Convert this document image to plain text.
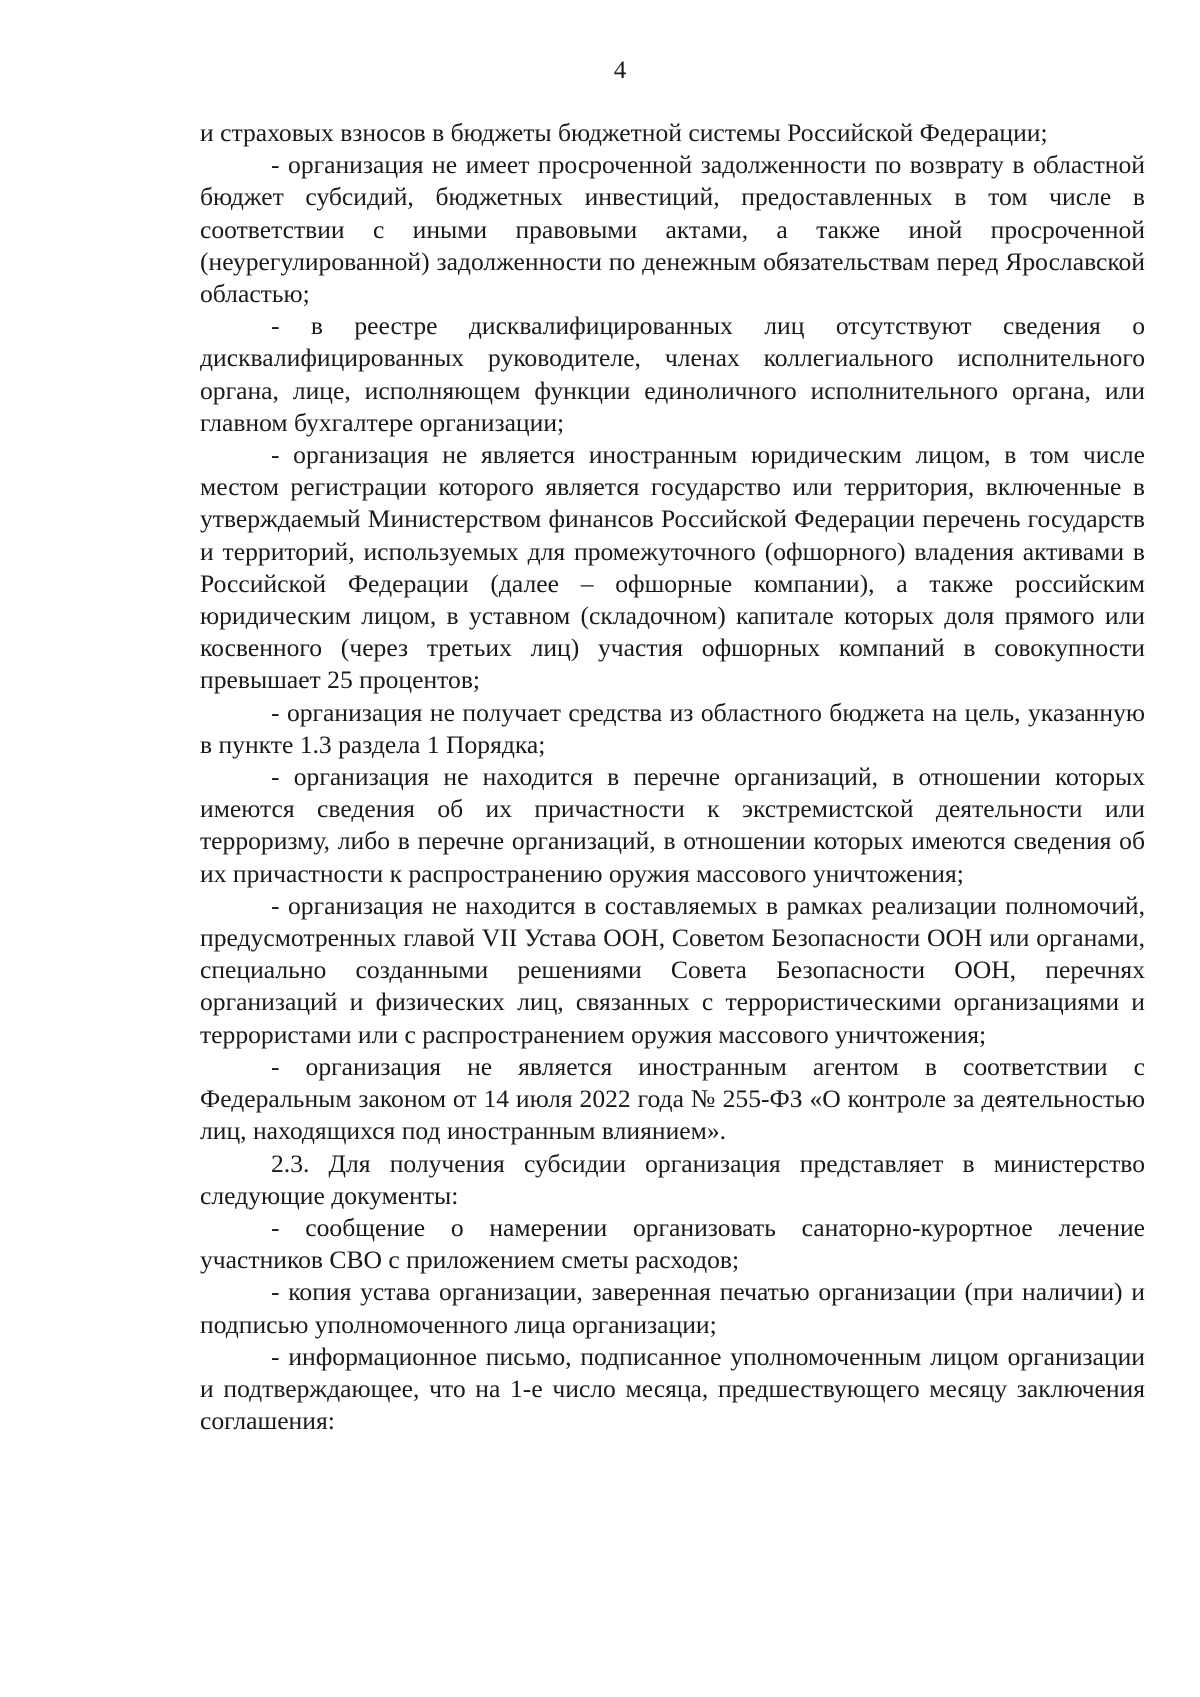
4

и страховых взносов в бюджеты бюджетной системы Российской Федерации;

- организация не имеет просроченной задолженности по возврату в областной бюджет субсидий, бюджетных инвестиций, предоставленных в том числе в соответствии с иными правовыми актами, а также иной просроченной (неурегулированной) задолженности по денежным обязательствам перед Ярославской областью;

- в реестре дисквалифицированных лиц отсутствуют сведения о дисквалифицированных руководителе, членах коллегиального исполнительного органа, лице, исполняющем функции единоличного исполнительного органа, или главном бухгалтере организации;

- организация не является иностранным юридическим лицом, в том числе местом регистрации которого является государство или территория, включенные в утверждаемый Министерством финансов Российской Федерации перечень государств и территорий, используемых для промежуточного (офшорного) владения активами в Российской Федерации (далее – офшорные компании), а также российским юридическим лицом, в уставном (складочном) капитале которых доля прямого или косвенного (через третьих лиц) участия офшорных компаний в совокупности превышает 25 процентов;

- организация не получает средства из областного бюджета на цель, указанную в пункте 1.3 раздела 1 Порядка;

- организация не находится в перечне организаций, в отношении которых имеются сведения об их причастности к экстремистской деятельности или терроризму, либо в перечне организаций, в отношении которых имеются сведения об их причастности к распространению оружия массового уничтожения;

- организация не находится в составляемых в рамках реализации полномочий, предусмотренных главой VII Устава ООН, Советом Безопасности ООН или органами, специально созданными решениями Совета Безопасности ООН, перечнях организаций и физических лиц, связанных с террористическими организациями и террористами или с распространением оружия массового уничтожения;

- организация не является иностранным агентом в соответствии с Федеральным законом от 14 июля 2022 года № 255-ФЗ «О контроле за деятельностью лиц, находящихся под иностранным влиянием».

2.3. Для получения субсидии организация представляет в министерство следующие документы:

- сообщение о намерении организовать санаторно-курортное лечение участников СВО с приложением сметы расходов;

- копия устава организации, заверенная печатью организации (при наличии) и подписью уполномоченного лица организации;

- информационное письмо, подписанное уполномоченным лицом организации и подтверждающее, что на 1-е число месяца, предшествующего месяцу заключения соглашения:
